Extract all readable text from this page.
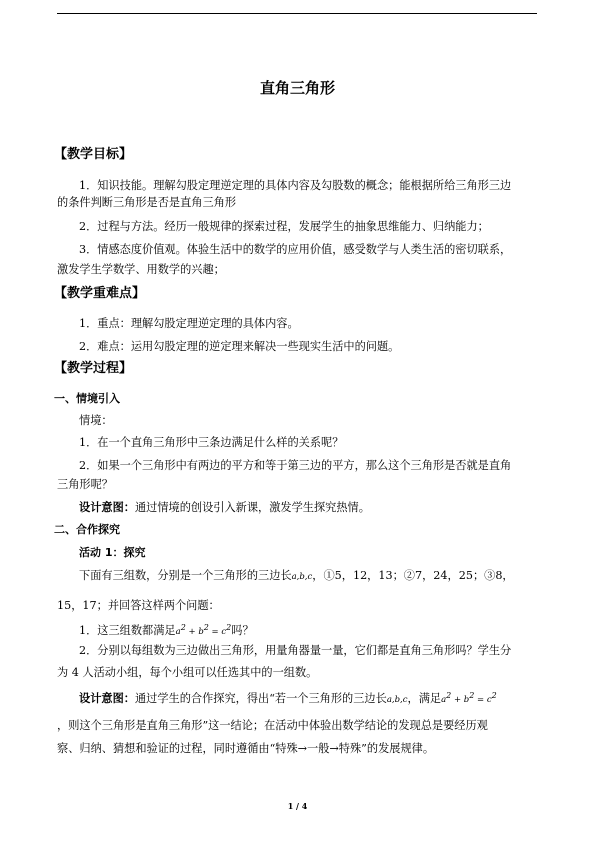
直角三角形
【教学目标】
1．知识技能。理解勾股定理逆定理的具体内容及勾股数的概念；能根据所给三角形三边
的条件判断三角形是否是直角三角形
2．过程与方法。经历一般规律的探索过程，发展学生的抽象思维能力、归纳能力；
3．情感态度价值观。体验生活中的数学的应用价值，感受数学与人类生活的密切联系，
激发学生学数学、用数学的兴趣；
【教学重难点】
1．重点：理解勾股定理逆定理的具体内容。
2．难点：运用勾股定理的逆定理来解决一些现实生活中的问题。
【教学过程】
一、情境引入
情境：
1．在一个直角三角形中三条边满足什么样的关系呢？
2．如果一个三角形中有两边的平方和等于第三边的平方，那么这个三角形是否就是直角
三角形呢？
设计意图：通过情境的创设引入新课，激发学生探究热情。
二、合作探究
活动 1：探究
下面有三组数，分别是一个三角形的三边长a,b,c，①5，12，13；②7，24，25；③8，
15，17；并回答这样两个问题：
1．这三组数都满足$a^2 + b^2 = c^2$吗？
2．分别以每组数为三边做出三角形，用量角器量一量，它们都是直角三角形吗？学生分
为 4 人活动小组，每个小组可以任选其中的一组数。
设计意图：通过学生的合作探究，得出“若一个三角形的三边长a,b,c，满足$a^2 + b^2 = c^2$
，则这个三角形是直角三角形”这一结论；在活动中体验出数学结论的发现总是要经历观
察、归纳、猜想和验证的过程，同时遵循由“特殊→一般→特殊”的发展规律。
1 / 4
